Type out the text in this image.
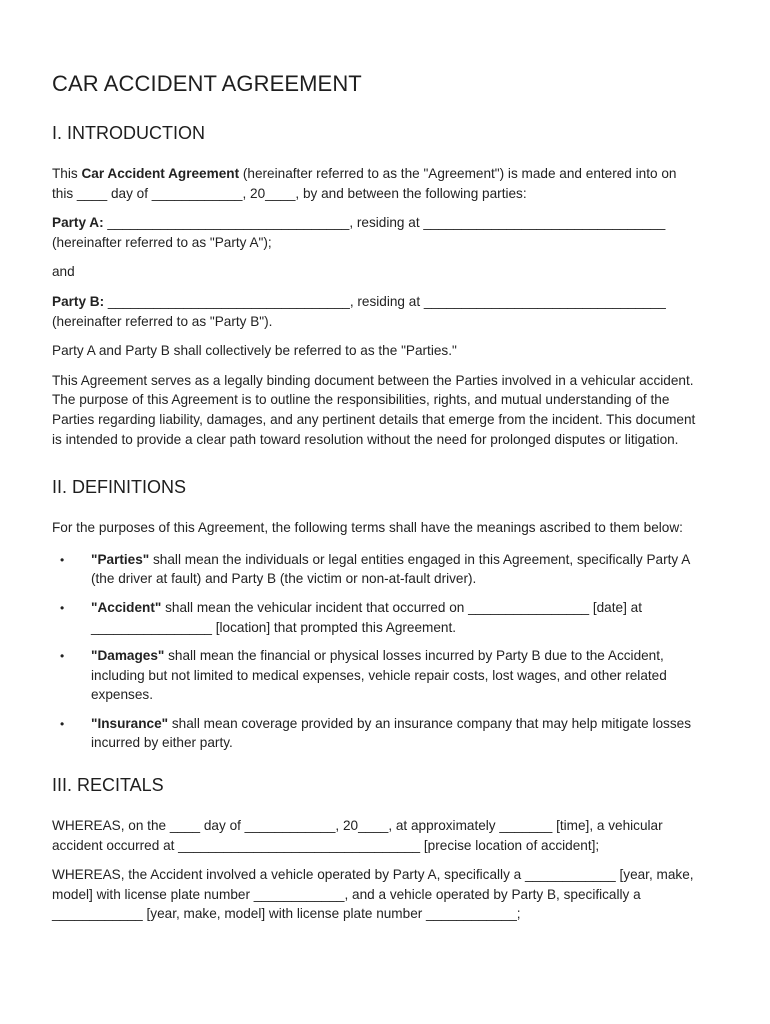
CAR ACCIDENT AGREEMENT
I. INTRODUCTION

This Car Accident Agreement (hereinafter referred to as the "Agreement") is made and entered into on this ____ day of ____________, 20____, by and between the following parties:

Party A: ________________________________, residing at ________________________________ (hereinafter referred to as "Party A");

and

Party B: ________________________________, residing at ________________________________ (hereinafter referred to as "Party B").

Party A and Party B shall collectively be referred to as the "Parties."

This Agreement serves as a legally binding document between the Parties involved in a vehicular accident. The purpose of this Agreement is to outline the responsibilities, rights, and mutual understanding of the Parties regarding liability, damages, and any pertinent details that emerge from the incident. This document is intended to provide a clear path toward resolution without the need for prolonged disputes or litigation.

II. DEFINITIONS

For the purposes of this Agreement, the following terms shall have the meanings ascribed to them below:

• "Parties" shall mean the individuals or legal entities engaged in this Agreement, specifically Party A (the driver at fault) and Party B (the victim or non-at-fault driver).
• "Accident" shall mean the vehicular incident that occurred on ________________ [date] at ________________ [location] that prompted this Agreement.
• "Damages" shall mean the financial or physical losses incurred by Party B due to the Accident, including but not limited to medical expenses, vehicle repair costs, lost wages, and other related expenses.
• "Insurance" shall mean coverage provided by an insurance company that may help mitigate losses incurred by either party.
III. RECITALS

WHEREAS, on the ____ day of ____________, 20____, at approximately _______ [time], a vehicular accident occurred at ________________________________ [precise location of accident];

WHEREAS, the Accident involved a vehicle operated by Party A, specifically a ____________ [year, make, model] with license plate number ____________, and a vehicle operated by Party B, specifically a ____________ [year, make, model] with license plate number ____________;
